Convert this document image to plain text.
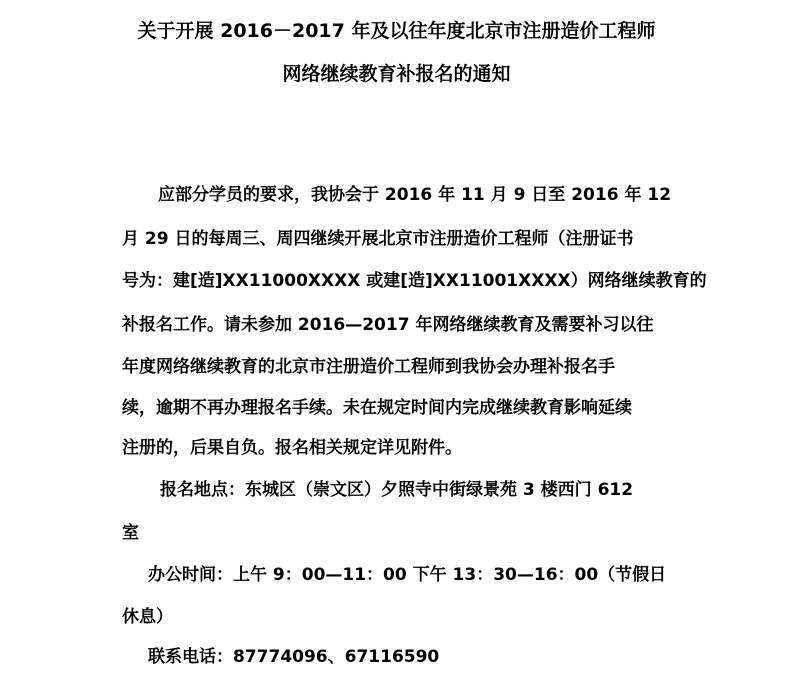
关于开展 2016－2017 年及以往年度北京市注册造价工程师
网络继续教育补报名的通知
应部分学员的要求，我协会于 2016 年 11 月 9 日至 2016 年 12
月 29 日的每周三、周四继续开展北京市注册造价工程师（注册证书
号为：建[造]XX11000XXXX 或建[造]XX11001XXXX）网络继续教育的
补报名工作。请未参加 2016—2017 年网络继续教育及需要补习以往
年度网络继续教育的北京市注册造价工程师到我协会办理补报名手
续，逾期不再办理报名手续。未在规定时间内完成继续教育影响延续
注册的，后果自负。报名相关规定详见附件。
报名地点：东城区（崇文区）夕照寺中街绿景苑 3 楼西门 612
室
办公时间：上午 9：00—11：00 下午 13：30—16：00（节假日
休息）
联系电话：87774096、67116590
